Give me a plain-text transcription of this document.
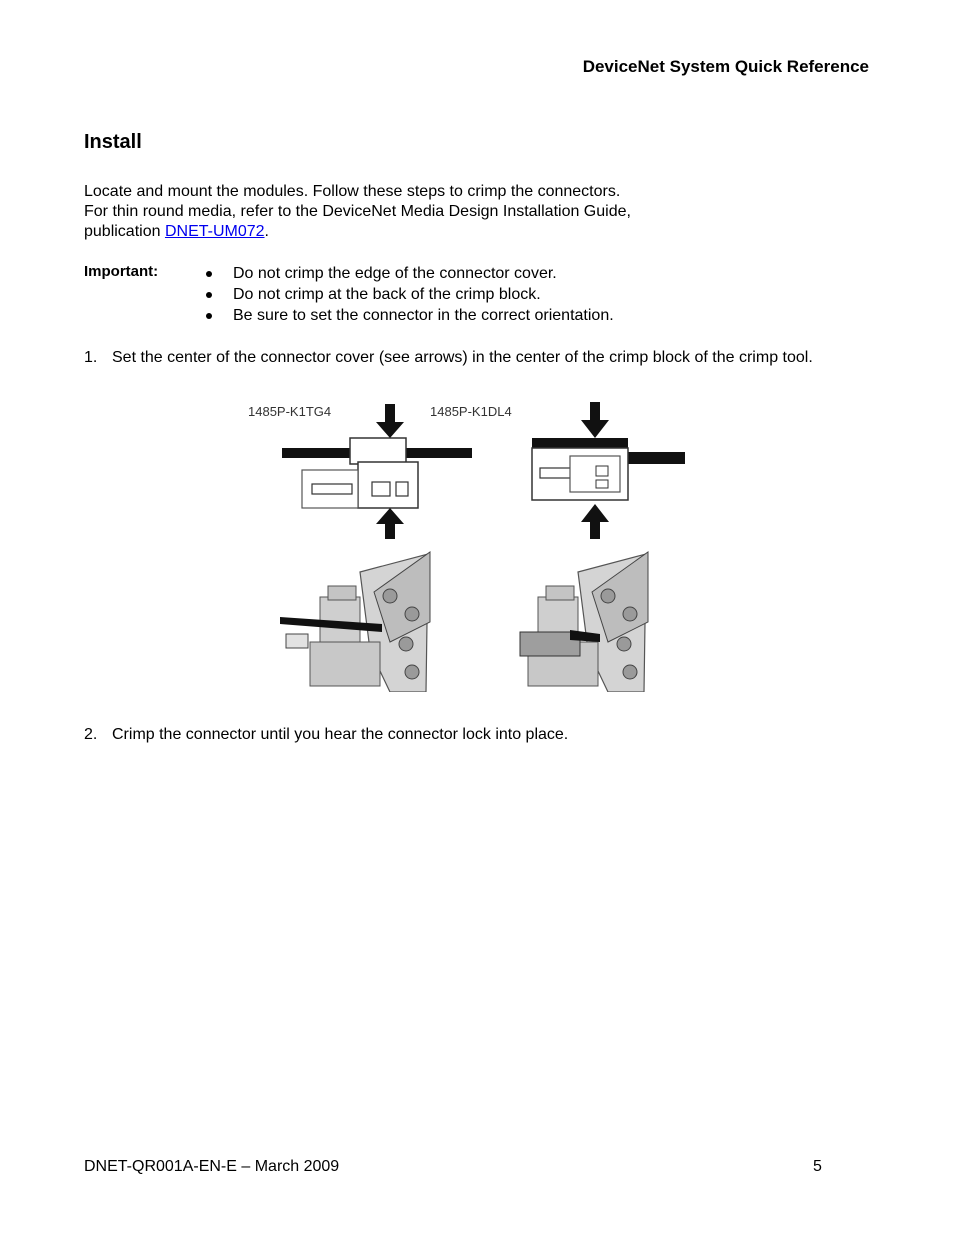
DeviceNet System Quick Reference
Install
Locate and mount the modules. Follow these steps to crimp the connectors.
For thin round media, refer to the DeviceNet Media Design Installation Guide,
publication DNET-UM072.
Important:	Do not crimp the edge of the connector cover.
Do not crimp at the back of the crimp block.
Be sure to set the connector in the correct orientation.
1. Set the center of the connector cover (see arrows) in the center of the crimp block of the crimp tool.
1485P-K1TG4	1485P-K1DL4
2. Crimp the connector until you hear the connector lock into place.
DNET-QR001A-EN-E – March 2009	5
